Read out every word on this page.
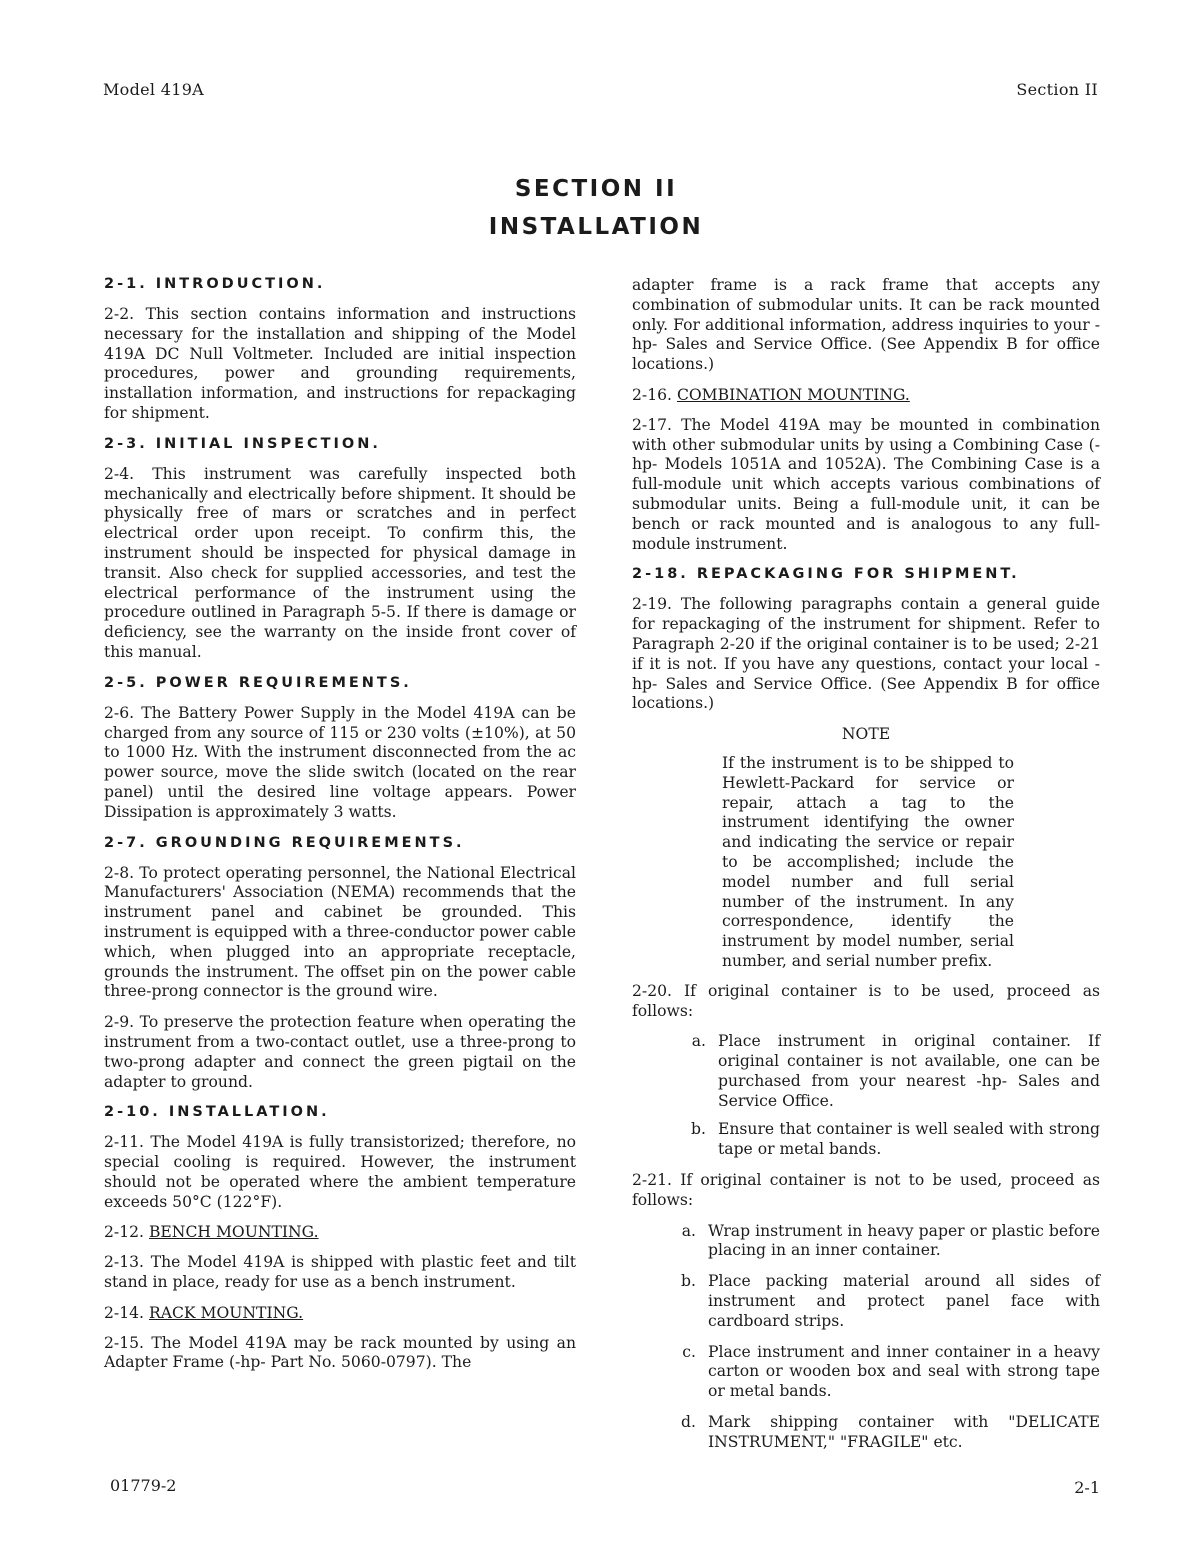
Model 419A	Section II
SECTION II
INSTALLATION
2-1. INTRODUCTION.

2-2. This section contains information and instructions necessary for the installation and shipping of the Model 419A DC Null Voltmeter. Included are initial inspection procedures, power and grounding requirements, installation information, and instructions for repackaging for shipment.

2-3. INITIAL INSPECTION.

2-4. This instrument was carefully inspected both mechanically and electrically before shipment. It should be physically free of mars or scratches and in perfect electrical order upon receipt. To confirm this, the instrument should be inspected for physical damage in transit. Also check for supplied accessories, and test the electrical performance of the instrument using the procedure outlined in Paragraph 5-5. If there is damage or deficiency, see the warranty on the inside front cover of this manual.

2-5. POWER REQUIREMENTS.

2-6. The Battery Power Supply in the Model 419A can be charged from any source of 115 or 230 volts (±10%), at 50 to 1000 Hz. With the instrument disconnected from the ac power source, move the slide switch (located on the rear panel) until the desired line voltage appears. Power Dissipation is approximately 3 watts.

2-7. GROUNDING REQUIREMENTS.

2-8. To protect operating personnel, the National Electrical Manufacturers' Association (NEMA) recommends that the instrument panel and cabinet be grounded. This instrument is equipped with a three-conductor power cable which, when plugged into an appropriate receptacle, grounds the instrument. The offset pin on the power cable three-prong connector is the ground wire.

2-9. To preserve the protection feature when operating the instrument from a two-contact outlet, use a three-prong to two-prong adapter and connect the green pigtail on the adapter to ground.

2-10. INSTALLATION.

2-11. The Model 419A is fully transistorized; therefore, no special cooling is required. However, the instrument should not be operated where the ambient temperature exceeds 50°C (122°F).

2-12. BENCH MOUNTING.

2-13. The Model 419A is shipped with plastic feet and tilt stand in place, ready for use as a bench instrument.

2-14. RACK MOUNTING.

2-15. The Model 419A may be rack mounted by using an Adapter Frame (-hp- Part No. 5060-0797). The

adapter frame is a rack frame that accepts any combination of submodular units. It can be rack mounted only. For additional information, address inquiries to your -hp- Sales and Service Office. (See Appendix B for office locations.)

2-16. COMBINATION MOUNTING.

2-17. The Model 419A may be mounted in combination with other submodular units by using a Combining Case (-hp- Models 1051A and 1052A). The Combining Case is a full-module unit which accepts various combinations of submodular units. Being a full-module unit, it can be bench or rack mounted and is analogous to any full-module instrument.

2-18. REPACKAGING FOR SHIPMENT.

2-19. The following paragraphs contain a general guide for repackaging of the instrument for shipment. Refer to Paragraph 2-20 if the original container is to be used; 2-21 if it is not. If you have any questions, contact your local -hp- Sales and Service Office. (See Appendix B for office locations.)

NOTE
If the instrument is to be shipped to Hewlett-Packard for service or repair, attach a tag to the instrument identifying the owner and indicating the service or repair to be accomplished; include the model number and full serial number of the instrument. In any correspondence, identify the instrument by model number, serial number, and serial number prefix.

2-20. If original container is to be used, proceed as follows:

a. Place instrument in original container. If original container is not available, one can be purchased from your nearest -hp- Sales and Service Office.
b. Ensure that container is well sealed with strong tape or metal bands.

2-21. If original container is not to be used, proceed as follows:

a. Wrap instrument in heavy paper or plastic before placing in an inner container.
b. Place packing material around all sides of instrument and protect panel face with cardboard strips.
c. Place instrument and inner container in a heavy carton or wooden box and seal with strong tape or metal bands.
d. Mark shipping container with "DELICATE INSTRUMENT," "FRAGILE" etc.
01779-2	2-1
